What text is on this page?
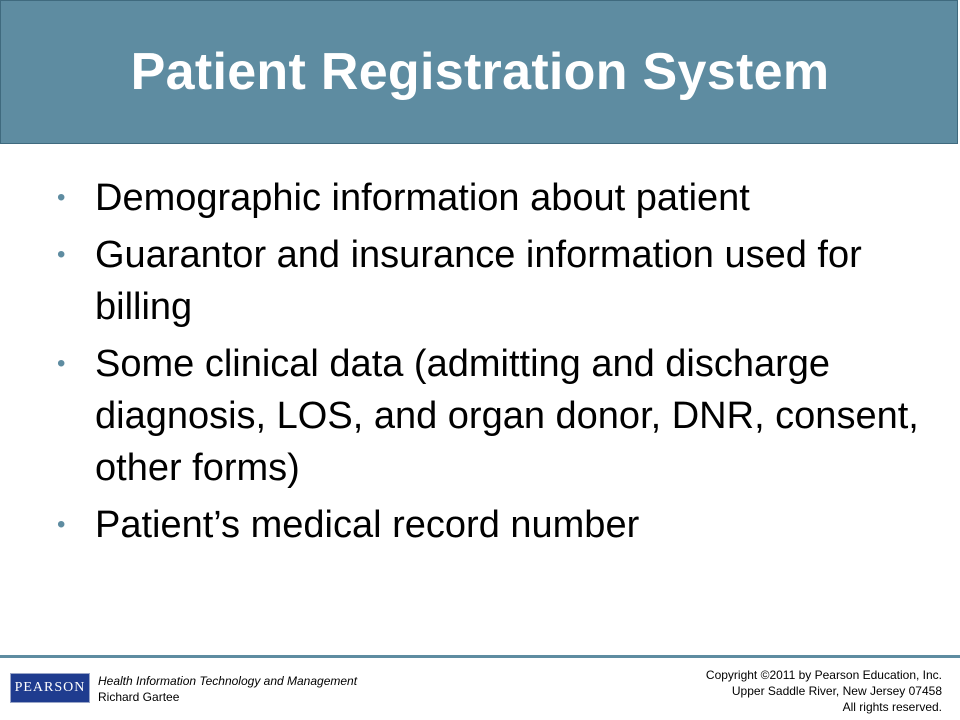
Patient Registration System
• Demographic information about patient
• Guarantor and insurance information used for billing
• Some clinical data (admitting and discharge diagnosis, LOS, and organ donor, DNR, consent, other forms)
• Patient’s medical record number
PEARSON Health Information Technology and Management
Richard Gartee
Copyright ©2011 by Pearson Education, Inc.
Upper Saddle River, New Jersey 07458
All rights reserved.
